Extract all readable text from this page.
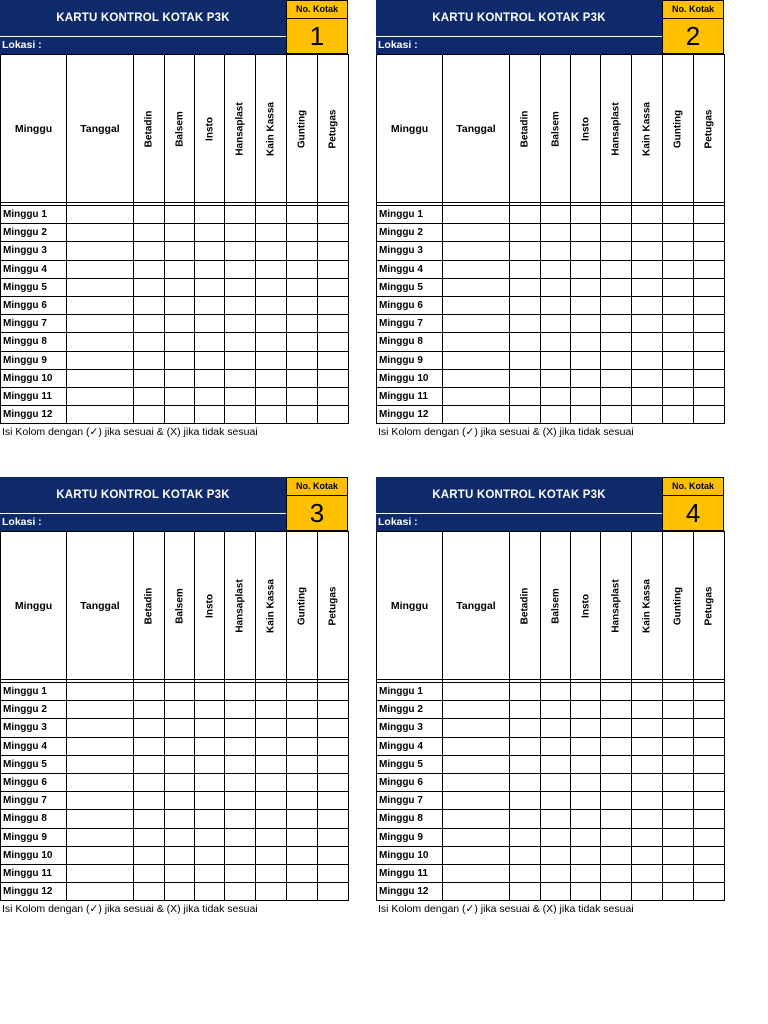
KARTU KONTROL KOTAK P3K
Lokasi :
No. Kotak
1
Minggu	Tanggal	Betadin	Balsem	Insto	Hansaplast	Kain Kassa	Gunting	Petugas

Minggu 1								
Minggu 2								
Minggu 3								
Minggu 4								
Minggu 5								
Minggu 6								
Minggu 7								
Minggu 8								
Minggu 9								
Minggu 10								
Minggu 11								
Minggu 12								
Isi Kolom dengan (✓) jika sesuai & (X) jika tidak sesuai
KARTU KONTROL KOTAK P3K
Lokasi :
No. Kotak
2
Minggu	Tanggal	Betadin	Balsem	Insto	Hansaplast	Kain Kassa	Gunting	Petugas

Minggu 1								
Minggu 2								
Minggu 3								
Minggu 4								
Minggu 5								
Minggu 6								
Minggu 7								
Minggu 8								
Minggu 9								
Minggu 10								
Minggu 11								
Minggu 12								
Isi Kolom dengan (✓) jika sesuai & (X) jika tidak sesuai
KARTU KONTROL KOTAK P3K
Lokasi :
No. Kotak
3
Minggu	Tanggal	Betadin	Balsem	Insto	Hansaplast	Kain Kassa	Gunting	Petugas

Minggu 1								
Minggu 2								
Minggu 3								
Minggu 4								
Minggu 5								
Minggu 6								
Minggu 7								
Minggu 8								
Minggu 9								
Minggu 10								
Minggu 11								
Minggu 12								
Isi Kolom dengan (✓) jika sesuai & (X) jika tidak sesuai
KARTU KONTROL KOTAK P3K
Lokasi :
No. Kotak
4
Minggu	Tanggal	Betadin	Balsem	Insto	Hansaplast	Kain Kassa	Gunting	Petugas

Minggu 1								
Minggu 2								
Minggu 3								
Minggu 4								
Minggu 5								
Minggu 6								
Minggu 7								
Minggu 8								
Minggu 9								
Minggu 10								
Minggu 11								
Minggu 12								
Isi Kolom dengan (✓) jika sesuai & (X) jika tidak sesuai
